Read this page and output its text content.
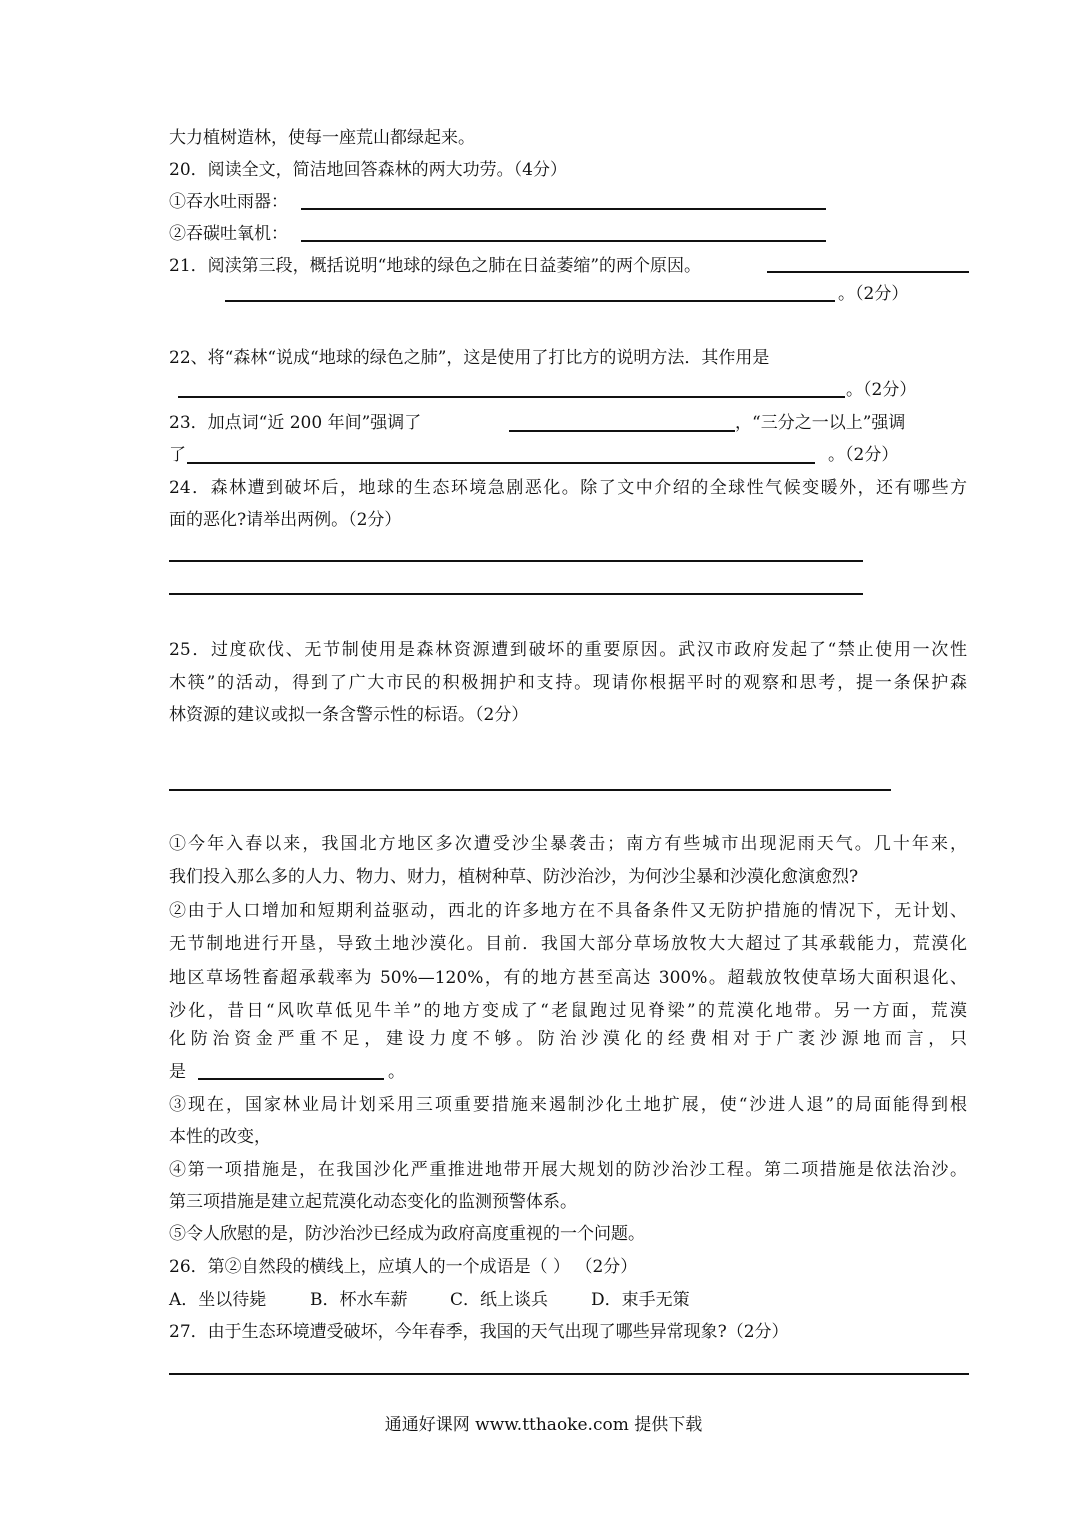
大力植树造林，使每一座荒山都绿起来。
20．阅读全文，简洁地回答森林的两大功劳。（4分）
①吞水吐雨器：
②吞碳吐氧机：
21．阅渎第三段，概括说明“地球的绿色之肺在日益萎缩”的两个原因。
。（2分）
22、将“森林“说成“地球的绿色之肺”，这是使用了打比方的说明方法．其作用是
。（2分）
23．加点词“近 200 年间”强调了	，“三分之一以上”强调
了	。（2分）
24．森林遭到破坏后，地球的生态环境急剧恶化。除了文中介绍的全球性气候变暖外，还有哪些方
面的恶化?请举出两例。（2分）
25．过度砍伐、无节制使用是森林资源遭到破坏的重要原因。武汉市政府发起了“禁止使用一次性
木筷”的活动，得到了广大市民的积极拥护和支持。现请你根据平时的观察和思考，提一条保护森
林资源的建议或拟一条含警示性的标语。（2分）
①今年入春以来，我国北方地区多次遭受沙尘暴袭击；南方有些城市出现泥雨天气。几十年来，
我们投入那么多的人力、物力、财力，植树种草、防沙治沙，为何沙尘暴和沙漠化愈演愈烈?
②由于人口增加和短期利益驱动，西北的许多地方在不具备条件又无防护措施的情况下，无计划、
无节制地进行开垦，导致土地沙漠化。目前．我国大部分草场放牧大大超过了其承载能力，荒漠化
地区草场牲畜超承载率为 50%—120%，有的地方甚至高达 300%。超载放牧使草场大面积退化、
沙化，昔日“风吹草低见牛羊”的地方变成了“老鼠跑过见脊梁”的荒漠化地带。另一方面，荒漠
化防治资金严重不足，建设力度不够。防治沙漠化的经费相对于广袤沙源地而言，只
是	。
③现在，国家林业局计划采用三项重要措施来遏制沙化土地扩展，使“沙进人退”的局面能得到根
本性的改变，
④第一项措施是，在我国沙化严重推进地带开展大规划的防沙治沙工程。第二项措施是依法治沙。
第三项措施是建立起荒漠化动态变化的监测预警体系。
⑤令人欣慰的是，防沙治沙已经成为政府高度重视的一个问题。
26．第②自然段的横线上，应填人的一个成语是（ ） （2分）
A．坐以待毙	B．杯水车薪	C．纸上谈兵	D．束手无策
27．由于生态环境遭受破坏，今年春季，我国的天气出现了哪些异常现象?（2分）
通通好课网 www.tthaoke.com 提供下载
